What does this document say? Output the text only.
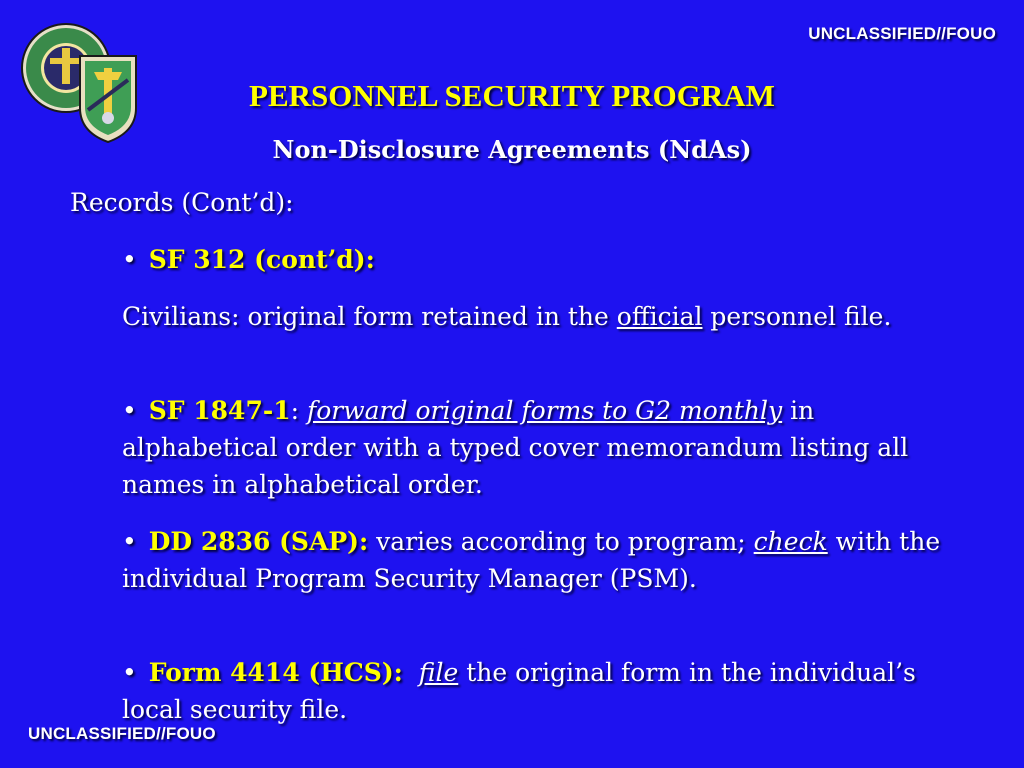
UNCLASSIFIED//FOUO
PERSONNEL SECURITY PROGRAM
Non-Disclosure Agreements (NdAs)
Records (Cont’d):
• SF 312 (cont’d):
Civilians: original form retained in the official personnel file.
• SF 1847-1: forward original forms to G2 monthly in alphabetical order with a typed cover memorandum listing all names in alphabetical order.
• DD 2836 (SAP): varies according to program; check with the individual Program Security Manager (PSM).
• Form 4414 (HCS): file the original form in the individual’s local security file.
UNCLASSIFIED//FOUO
